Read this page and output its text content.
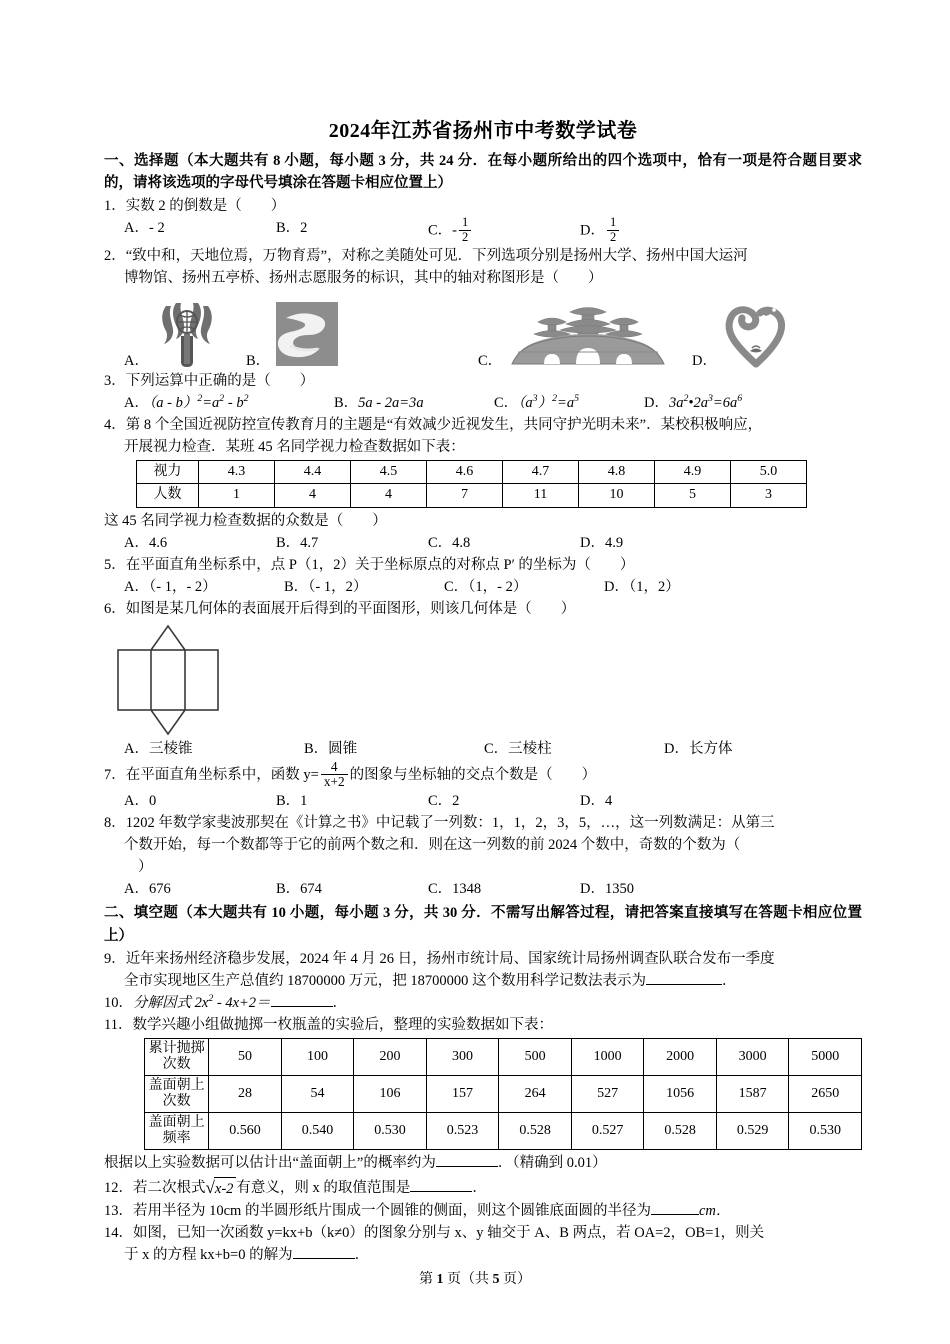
2024年江苏省扬州市中考数学试卷
一、选择题（本大题共有 8 小题，每小题 3 分，共 24 分．在每小题所给出的四个选项中，恰有一项是符合题目要求的，请将该选项的字母代号填涂在答题卡相应位置上）
1．实数 2 的倒数是（　　）
A．- 2	B．2	C．- $\frac{1}{2}$	D． $\frac{1}{2}$
2．“致中和，天地位焉，万物育焉”，对称之美随处可见．下列选项分别是扬州大学、扬州中国大运河
博物馆、扬州五亭桥、扬州志愿服务的标识，其中的轴对称图形是（　　）
A．	B．	C．	D．
3．下列运算中正确的是（　　）
A．$(a - b)^2=a^2 - b^2$	B．5a - 2a=3a	C．$(a^3)^2=a^5$	D．$3a^2•2a^3=6a^6$
4．第 8 个全国近视防控宣传教育月的主题是“有效减少近视发生，共同守护光明未来”．某校积极响应，
开展视力检查．某班 45 名同学视力检查数据如下表：
视力	4.3	4.4	4.5	4.6	4.7	4.8	4.9	5.0
人数	1	4	4	7	11	10	5	3
这 45 名同学视力检查数据的众数是（　　）
A．4.6	B．4.7	C．4.8	D．4.9
5．在平面直角坐标系中，点 P（1，2）关于坐标原点的对称点 P′ 的坐标为（　　）
A．（- 1，- 2）	B．（- 1，2）	C．（1，- 2）	D．（1，2）
6．如图是某几何体的表面展开后得到的平面图形，则该几何体是（　　）
A．三棱锥	B．圆锥	C．三棱柱	D．长方体
7．在平面直角坐标系中，函数 $y= \frac{4}{x+2}$ 的图象与坐标轴的交点个数是（　　）
A．0	B．1	C．2	D．4
8．1202 年数学家斐波那契在《计算之书》中记载了一列数：1，1，2，3，5，…，这一列数满足：从第三
个数开始，每一个数都等于它的前两个数之和．则在这一列数的前 2024 个数中，奇数的个数为（
）
A．676	B．674	C．1348	D．1350
二、填空题（本大题共有 10 小题，每小题 3 分，共 30 分．不需写出解答过程，请把答案直接填写在答题卡相应位置上）
9．近年来扬州经济稳步发展，2024 年 4 月 26 日，扬州市统计局、国家统计局扬州调查队联合发布一季度
全市实现地区生产总值约 18700000 万元，把 18700000 这个数用科学记数法表示为	．
10．分解因式 $2x^2 - 4x+2=$	．
11．数学兴趣小组做抛掷一枚瓶盖的实验后，整理的实验数据如下表：
累计抛掷
次数	50	100	200	300	500	1000	2000	3000	5000
盖面朝上
次数	28	54	106	157	264	527	1056	1587	2650
盖面朝上
频率	0.560	0.540	0.530	0.523	0.528	0.527	0.528	0.529	0.530
根据以上实验数据可以估计出“盖面朝上”的概率约为	．（精确到 0.01）
12．若二次根式√x-2 有意义，则 x 的取值范围是	．
13．若用半径为 10cm 的半圆形纸片围成一个圆锥的侧面，则这个圆锥底面圆的半径为	cm．
14．如图，已知一次函数 y=kx+b（k≠0）的图象分别与 x、y 轴交于 A、B 两点，若 OA=2，OB=1，则关
于 x 的方程 kx+b=0 的解为	．
第 1 页（共 5 页）
